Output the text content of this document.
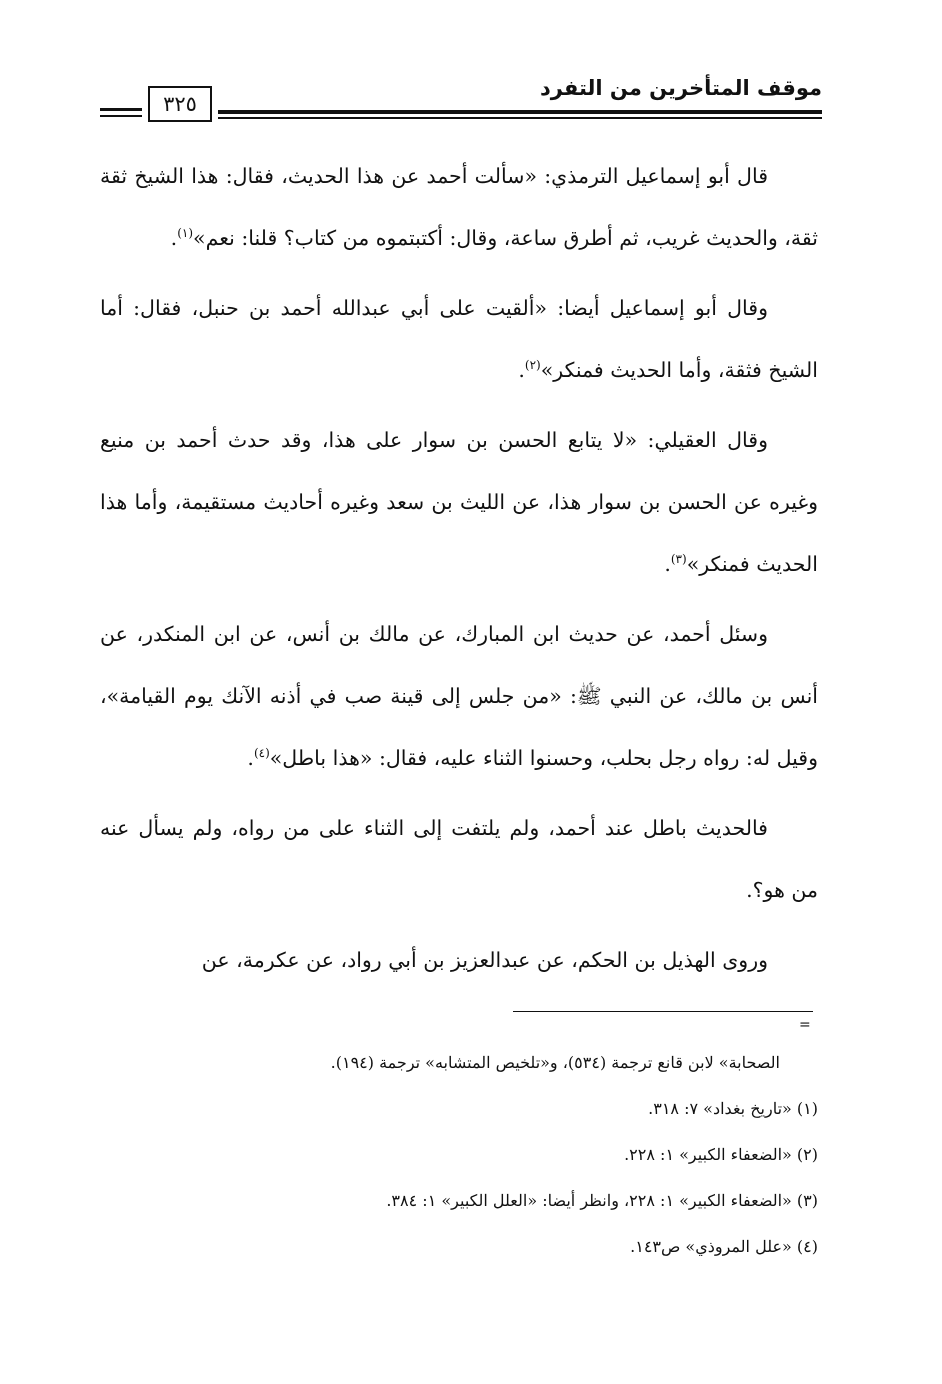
موقف المتأخرين من التفرد
٣٢٥

قال أبو إسماعيل الترمذي: «سألت أحمد عن هذا الحديث، فقال: هذا الشيخ ثقة ثقة، والحديث غريب، ثم أطرق ساعة، وقال: أكتبتموه من كتاب؟ قلنا: نعم»$^{(١)}$.

وقال أبو إسماعيل أيضا: «ألقيت على أبي عبدالله أحمد بن حنبل، فقال: أما الشيخ فثقة، وأما الحديث فمنكر»$^{(٢)}$.

وقال العقيلي: «لا يتابع الحسن بن سوار على هذا، وقد حدث أحمد بن منيع وغيره عن الحسن بن سوار هذا، عن الليث بن سعد وغيره أحاديث مستقيمة، وأما هذا الحديث فمنكر»$^{(٣)}$.

وسئل أحمد، عن حديث ابن المبارك، عن مالك بن أنس، عن ابن المنكدر، عن أنس بن مالك، عن النبي ﷺ: «من جلس إلى قينة صب في أذنه الآنك يوم القيامة»، وقيل له: رواه رجل بحلب، وحسنوا الثناء عليه، فقال: «هذا باطل»$^{(٤)}$.

فالحديث باطل عند أحمد، ولم يلتفت إلى الثناء على من رواه، ولم يسأل عنه من هو؟.

وروى الهذيل بن الحكم، عن عبدالعزيز بن أبي رواد، عن عكرمة، عن

=
الصحابة» لابن قانع ترجمة (٥٣٤)، و«تلخيص المتشابه» ترجمة (١٩٤).
(١) «تاريخ بغداد» ٧: ٣١٨.
(٢) «الضعفاء الكبير» ١: ٢٢٨.
(٣) «الضعفاء الكبير» ١: ٢٢٨، وانظر أيضا: «العلل الكبير» ١: ٣٨٤.
(٤) «علل المروذي» ص١٤٣.
